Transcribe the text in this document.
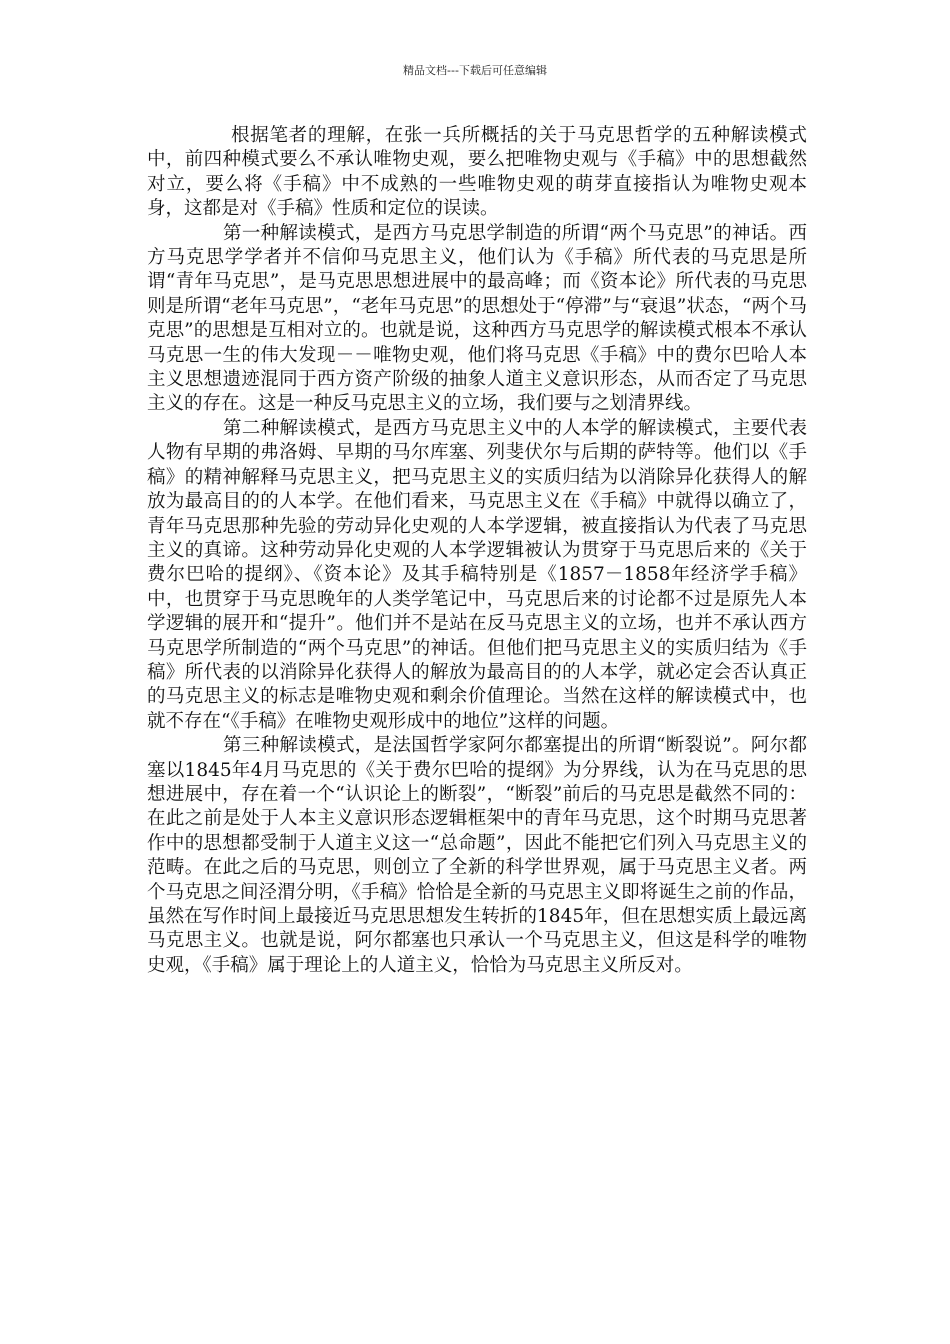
精品文档---下载后可任意编辑

根据笔者的理解，在张一兵所概括的关于马克思哲学的五种解读模式中，前四种模式要么不承认唯物史观，要么把唯物史观与《手稿》中的思想截然对立，要么将《手稿》中不成熟的一些唯物史观的萌芽直接指认为唯物史观本身，这都是对《手稿》性质和定位的误读。

第一种解读模式，是西方马克思学制造的所谓“两个马克思”的神话。西方马克思学学者并不信仰马克思主义，他们认为《手稿》所代表的马克思是所谓“青年马克思”，是马克思思想进展中的最高峰；而《资本论》所代表的马克思则是所谓“老年马克思”，“老年马克思”的思想处于“停滞”与“衰退”状态，“两个马克思”的思想是互相对立的。也就是说，这种西方马克思学的解读模式根本不承认马克思一生的伟大发现－－唯物史观，他们将马克思《手稿》中的费尔巴哈人本主义思想遗迹混同于西方资产阶级的抽象人道主义意识形态，从而否定了马克思主义的存在。这是一种反马克思主义的立场，我们要与之划清界线。

第二种解读模式，是西方马克思主义中的人本学的解读模式，主要代表人物有早期的弗洛姆、早期的马尔库塞、列斐伏尔与后期的萨特等。他们以《手稿》的精神解释马克思主义，把马克思主义的实质归结为以消除异化获得人的解放为最高目的的人本学。在他们看来，马克思主义在《手稿》中就得以确立了，青年马克思那种先验的劳动异化史观的人本学逻辑，被直接指认为代表了马克思主义的真谛。这种劳动异化史观的人本学逻辑被认为贯穿于马克思后来的《关于费尔巴哈的提纲》、《资本论》及其手稿特别是《1857－1858年经济学手稿》中，也贯穿于马克思晚年的人类学笔记中，马克思后来的讨论都不过是原先人本学逻辑的展开和“提升”。他们并不是站在反马克思主义的立场，也并不承认西方马克思学所制造的“两个马克思”的神话。但他们把马克思主义的实质归结为《手稿》所代表的以消除异化获得人的解放为最高目的的人本学，就必定会否认真正的马克思主义的标志是唯物史观和剩余价值理论。当然在这样的解读模式中，也就不存在“《手稿》在唯物史观形成中的地位”这样的问题。

第三种解读模式，是法国哲学家阿尔都塞提出的所谓“断裂说”。阿尔都塞以1845年4月马克思的《关于费尔巴哈的提纲》为分界线，认为在马克思的思想进展中，存在着一个“认识论上的断裂”，“断裂”前后的马克思是截然不同的：在此之前是处于人本主义意识形态逻辑框架中的青年马克思，这个时期马克思著作中的思想都受制于人道主义这一“总命题”，因此不能把它们列入马克思主义的范畴。在此之后的马克思，则创立了全新的科学世界观，属于马克思主义者。两个马克思之间泾渭分明，《手稿》恰恰是全新的马克思主义即将诞生之前的作品，虽然在写作时间上最接近马克思思想发生转折的1845年，但在思想实质上最远离马克思主义。也就是说，阿尔都塞也只承认一个马克思主义，但这是科学的唯物史观，《手稿》属于理论上的人道主义，恰恰为马克思主义所反对。
